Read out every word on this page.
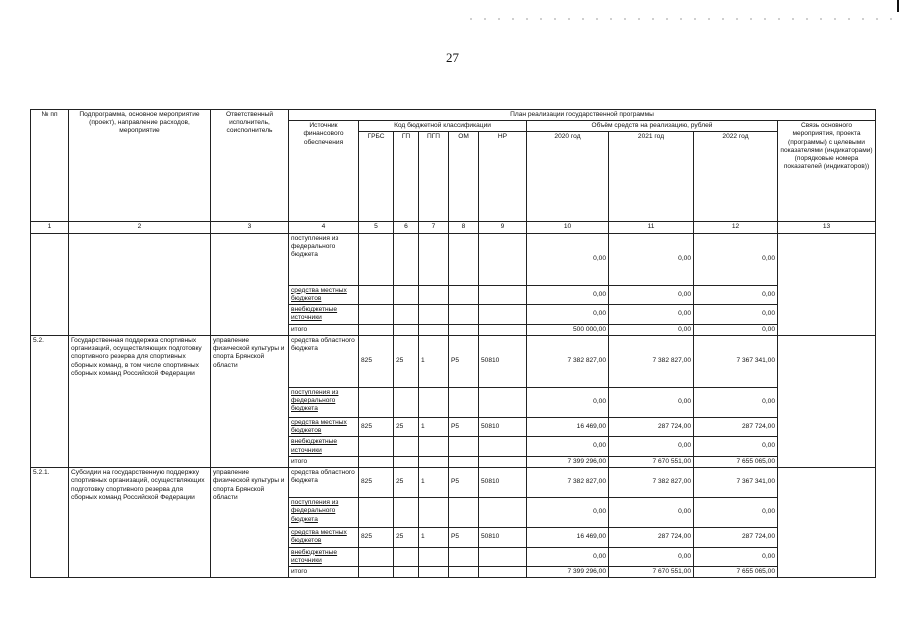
27
№ пп	Подпрограмма, основное мероприятие (проект), направление расходов, мероприятие	Ответственный исполнитель, соисполнитель	План реализации государственной программы									
			Источник финансового обеспечения	Код бюджетной классификации					Объём средств на реализацию, рублей			Связь основного мероприятия, проекта (программы) с целевыми показателями (индикаторами) (порядковые номера показателей (индикаторов))
				ГРБС	ГП	ПГП	ОМ	НР	2020 год	2021 год	2022 год	
1	2	3	4	5	6	7	8	9	10	11	12	13
			поступления из федерального бюджета						0,00	0,00	0,00	
			средства местных бюджетов						0,00	0,00	0,00	
			внебюджетные источники						0,00	0,00	0,00	
			итого						500 000,00	0,00	0,00	
5.2.	Государственная поддержка спортивных организаций, осуществляющих подготовку спортивного резерва для спортивных сборных команд, в том числе спортивных сборных команд Российской Федерации	управление физической культуры и спорта Брянской области	средства областного бюджета	825	25	1	P5	50810	7 382 827,00	7 382 827,00	7 367 341,00	
			поступления из федерального бюджета						0,00	0,00	0,00	
			средства местных бюджетов	825	25	1	P5	50810	16 469,00	287 724,00	287 724,00	
			внебюджетные источники						0,00	0,00	0,00	
			итого						7 399 296,00	7 670 551,00	7 655 065,00	
5.2.1.	Субсидии на государственную поддержку спортивных организаций, осуществляющих подготовку спортивного резерва для сборных команд Российской Федерации	управление физической культуры и спорта Брянской области	средства областного бюджета	825	25	1	P5	50810	7 382 827,00	7 382 827,00	7 367 341,00	
			поступления из федерального бюджета						0,00	0,00	0,00	
			средства местных бюджетов	825	25	1	P5	50810	16 469,00	287 724,00	287 724,00	
			внебюджетные источники						0,00	0,00	0,00	
			итого						7 399 296,00	7 670 551,00	7 655 065,00	
